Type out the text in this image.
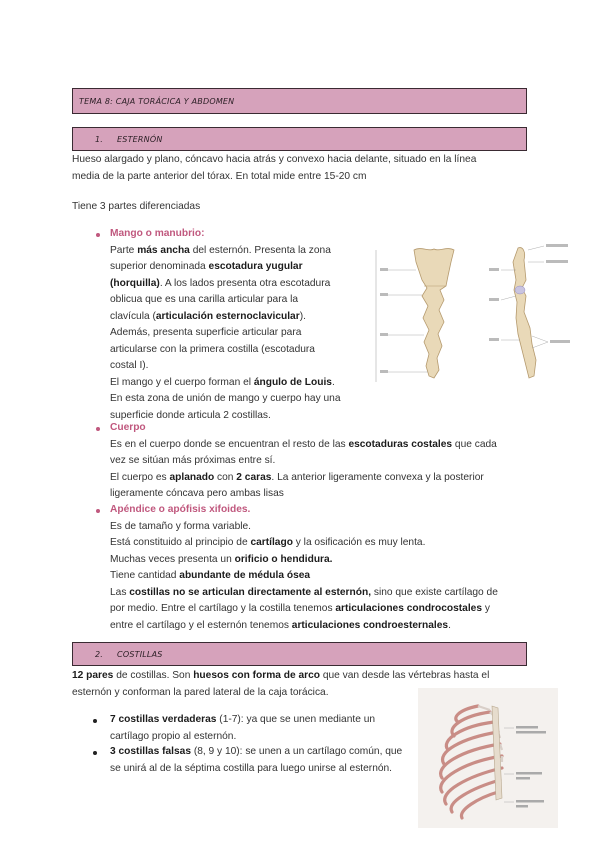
TEMA 8: CAJA TORÁCICA Y ABDOMEN
1. ESTERNÓN
Hueso alargado y plano, cóncavo hacia atrás y convexo hacia delante, situado en la línea
media de la parte anterior del tórax. En total mide entre 15-20 cm
Tiene 3 partes diferenciadas
Mango o manubrio:
Parte más ancha del esternón. Presenta la zona
superior denominada escotadura yugular
(horquilla). A los lados presenta otra escotadura
oblicua que es una carilla articular para la
clavícula (articulación esternoclavicular).
Además, presenta superficie articular para
articularse con la primera costilla (escotadura
costal I).
El mango y el cuerpo forman el ángulo de Louis.
En esta zona de unión de mango y cuerpo hay una
superficie donde articula 2 costillas.
Cuerpo
Es en el cuerpo donde se encuentran el resto de las escotaduras costales que cada
vez se sitúan más próximas entre sí.
El cuerpo es aplanado con 2 caras. La anterior ligeramente convexa y la posterior
ligeramente cóncava pero ambas lisas
Apéndice o apófisis xifoides.
Es de tamaño y forma variable.
Está constituido al principio de cartílago y la osificación es muy lenta.
Muchas veces presenta un orificio o hendidura.
Tiene cantidad abundante de médula ósea
Las costillas no se articulan directamente al esternón, sino que existe cartílago de
por medio. Entre el cartílago y la costilla tenemos articulaciones condrocostales y
entre el cartílago y el esternón tenemos articulaciones condroesternales.
2. COSTILLAS
12 pares de costillas. Son huesos con forma de arco que van desde las vértebras hasta el
esternón y conforman la pared lateral de la caja torácica.
7 costillas verdaderas (1-7): ya que se unen mediante un
cartílago propio al esternón.
3 costillas falsas (8, 9 y 10): se unen a un cartílago común, que
se unirá al de la séptima costilla para luego unirse al esternón.
